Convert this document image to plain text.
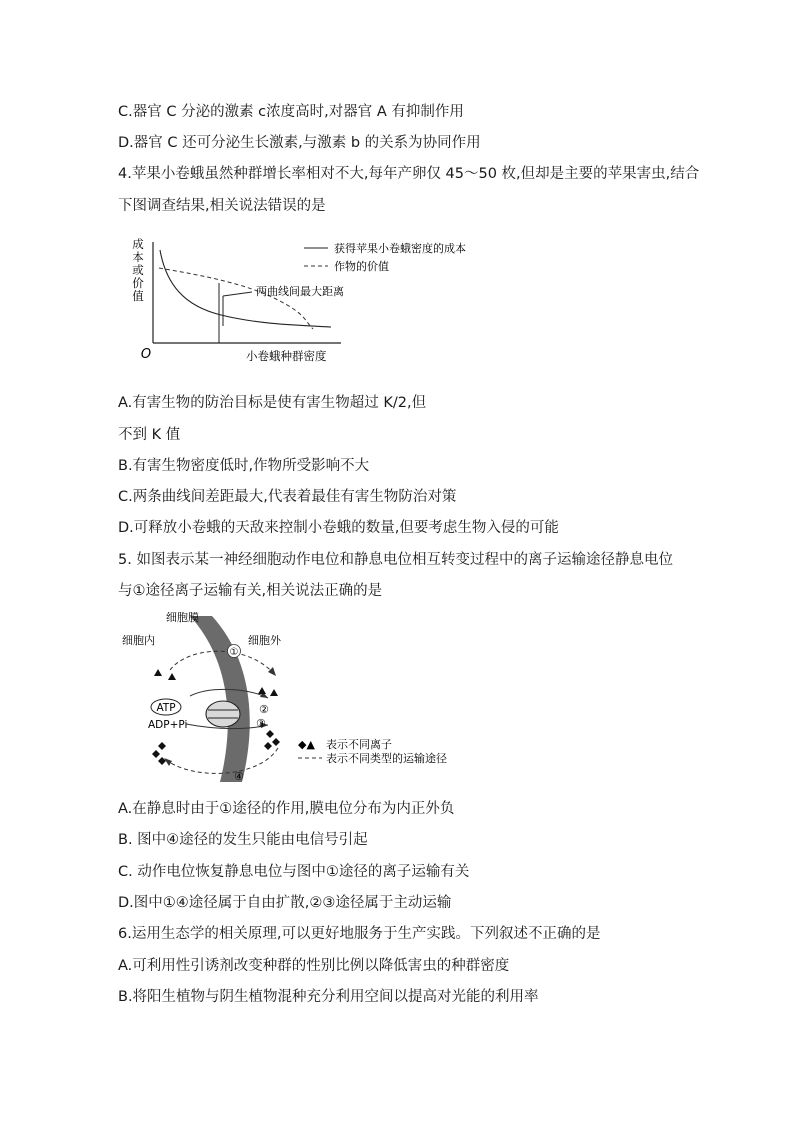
C.器官 C 分泌的激素 c浓度高时,对器官 A 有抑制作用
D.器官 C 还可分泌生长激素,与激素 b 的关系为协同作用
4.苹果小卷蛾虽然种群增长率相对不大,每年产卵仅 45～50 枚,但却是主要的苹果害虫,结合
下图调查结果,相关说法错误的是
成
本
或
价
值
O	小卷蛾种群密度
两曲线间最大距离
获得苹果小卷蛾密度的成本
作物的价值
A.有害生物的防治目标是使有害生物超过 K/2,但
不到 K 值
B.有害生物密度低时,作物所受影响不大
C.两条曲线间差距最大,代表着最佳有害生物防治对策
D.可释放小卷蛾的天敌来控制小卷蛾的数量,但要考虑生物入侵的可能
5. 如图表示某一神经细胞动作电位和静息电位相互转变过程中的离子运输途径静息电位
与①途径离子运输有关,相关说法正确的是
细胞膜
细胞内	细胞外
①
②
③
④
ATP
ADP+Pi
◆▲ 表示不同离子
表示不同类型的运输途径
A.在静息时由于①途径的作用,膜电位分布为内正外负
B. 图中④途径的发生只能由电信号引起
C. 动作电位恢复静息电位与图中①途径的离子运输有关
D.图中①④途径属于自由扩散,②③途径属于主动运输
6.运用生态学的相关原理,可以更好地服务于生产实践。下列叙述不正确的是
A.可利用性引诱剂改变种群的性别比例以降低害虫的种群密度
B.将阳生植物与阴生植物混种充分利用空间以提高对光能的利用率
